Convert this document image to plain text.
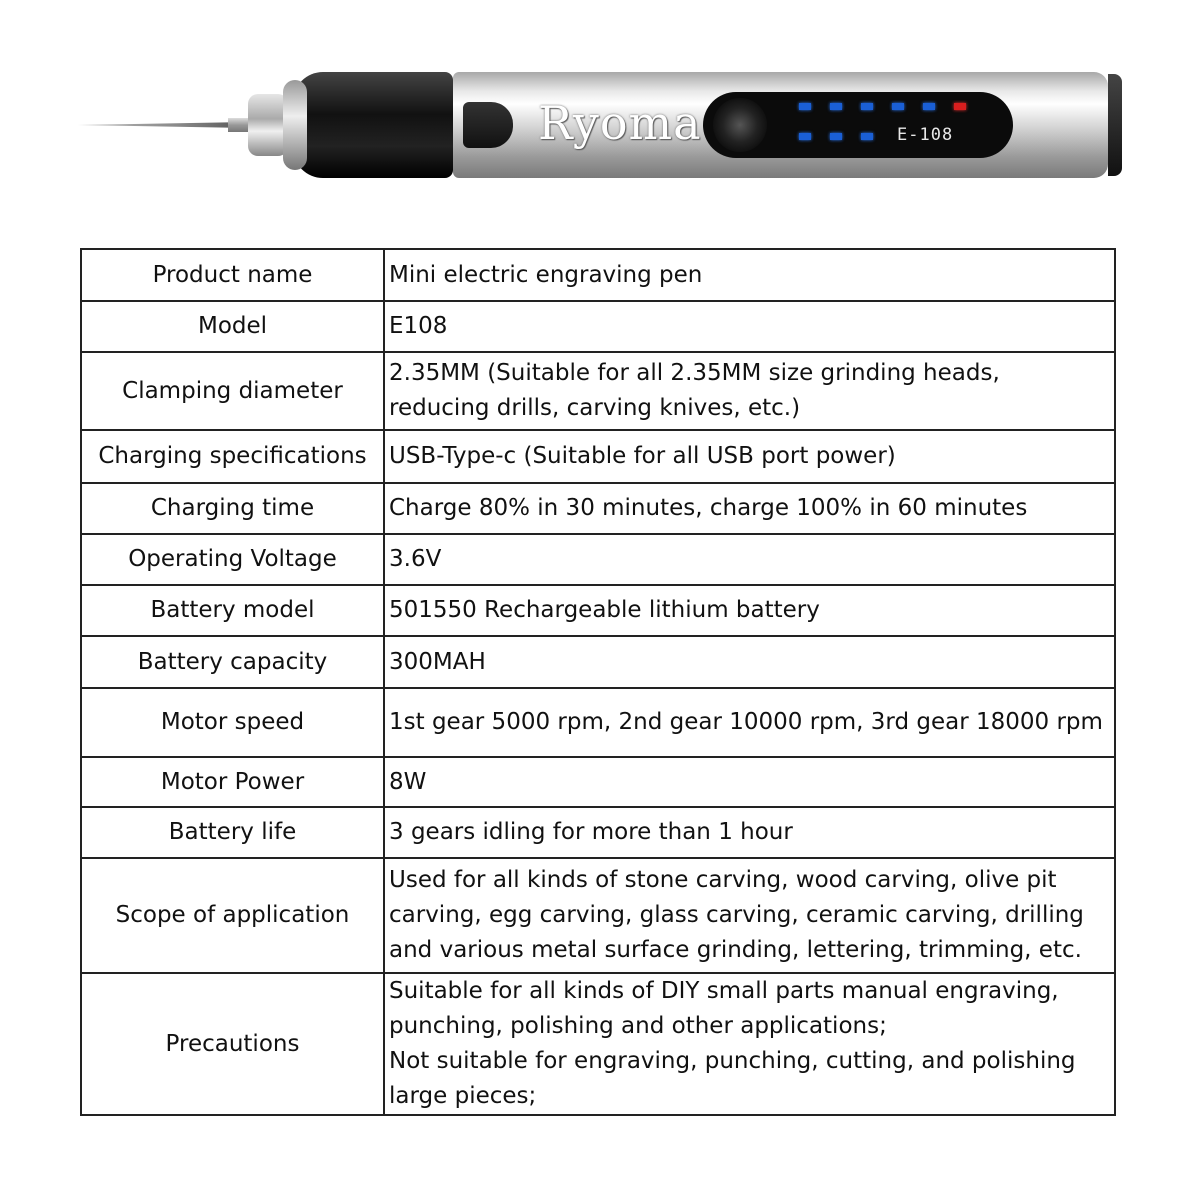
Ryoma	E-108
Product name	Mini electric engraving pen

Model	E108

Clamping diameter	2.35MM (Suitable for all 2.35MM size grinding heads,
reducing drills, carving knives, etc.)

Charging specifications	USB-Type-c (Suitable for all USB port power)

Charging time	Charge 80% in 30 minutes, charge 100% in 60 minutes

Operating Voltage	3.6V

Battery model	501550 Rechargeable lithium battery

Battery capacity	300MAH

Motor speed	1st gear 5000 rpm, 2nd gear 10000 rpm, 3rd gear 18000 rpm

Motor Power	8W

Battery life	3 gears idling for more than 1 hour

Scope of application	Used for all kinds of stone carving, wood carving, olive pit
carving, egg carving, glass carving, ceramic carving, drilling
and various metal surface grinding, lettering, trimming, etc.

Precautions	Suitable for all kinds of DIY small parts manual engraving,
punching, polishing and other applications;
Not suitable for engraving, punching, cutting, and polishing
large pieces;
